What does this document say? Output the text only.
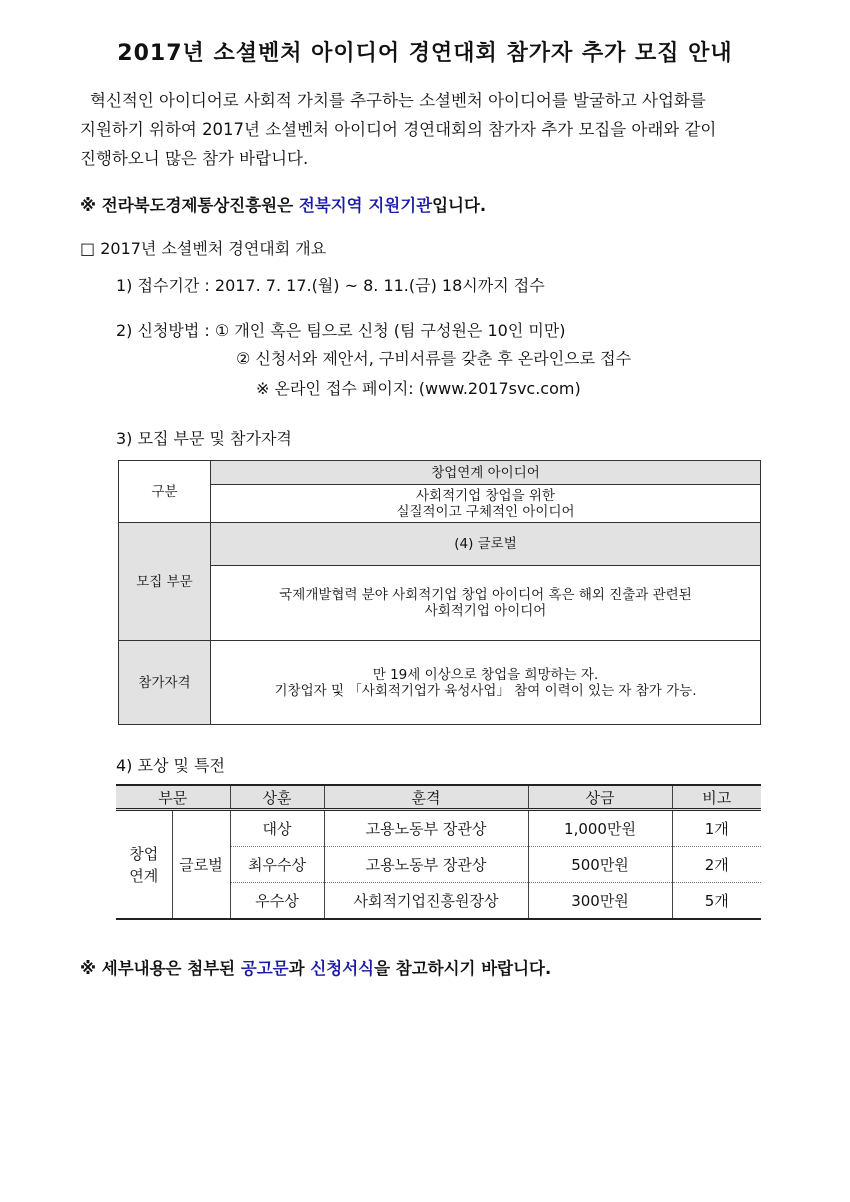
2017년 소셜벤처 아이디어 경연대회 참가자 추가 모집 안내

혁신적인 아이디어로 사회적 가치를 추구하는 소셜벤처 아이디어를 발굴하고 사업화를 지원하기 위하여 2017년 소셜벤처 아이디어 경연대회의 참가자 추가 모집을 아래와 같이 진행하오니 많은 참가 바랍니다.

※ 전라북도경제통상진흥원은 전북지역 지원기관입니다.
□ 2017년 소셜벤처 경연대회 개요
1) 접수기간 : 2017. 7. 17.(월) ~ 8. 11.(금) 18시까지 접수
2) 신청방법 : ① 개인 혹은 팀으로 신청 (팀 구성원은 10인 미만)
② 신청서와 제안서, 구비서류를 갖춘 후 온라인으로 접수
※ 온라인 접수 페이지: (www.2017svc.com)
3) 모집 부문 및 참가자격
구분	창업연계 아이디어

	사회적기업 창업을 위한
실질적이고 구체적인 아이디어

모집 부문	(4) 글로벌

	국제개발협력 분야 사회적기업 창업 아이디어 혹은 해외 진출과 관련된
사회적기업 아이디어

참가자격	만 19세 이상으로 창업을 희망하는 자.
기창업자 및 「사회적기업가 육성사업」 참여 이력이 있는 자 참가 가능.
4) 포상 및 특전
부문		상훈	훈격	상금	비고

창업
연계	글로벌	대상	고용노동부 장관상	1,000만원	1개
		최우수상	고용노동부 장관상	500만원	2개
		우수상	사회적기업진흥원장상	300만원	5개
※ 세부내용은 첨부된 공고문과 신청서식을 참고하시기 바랍니다.
